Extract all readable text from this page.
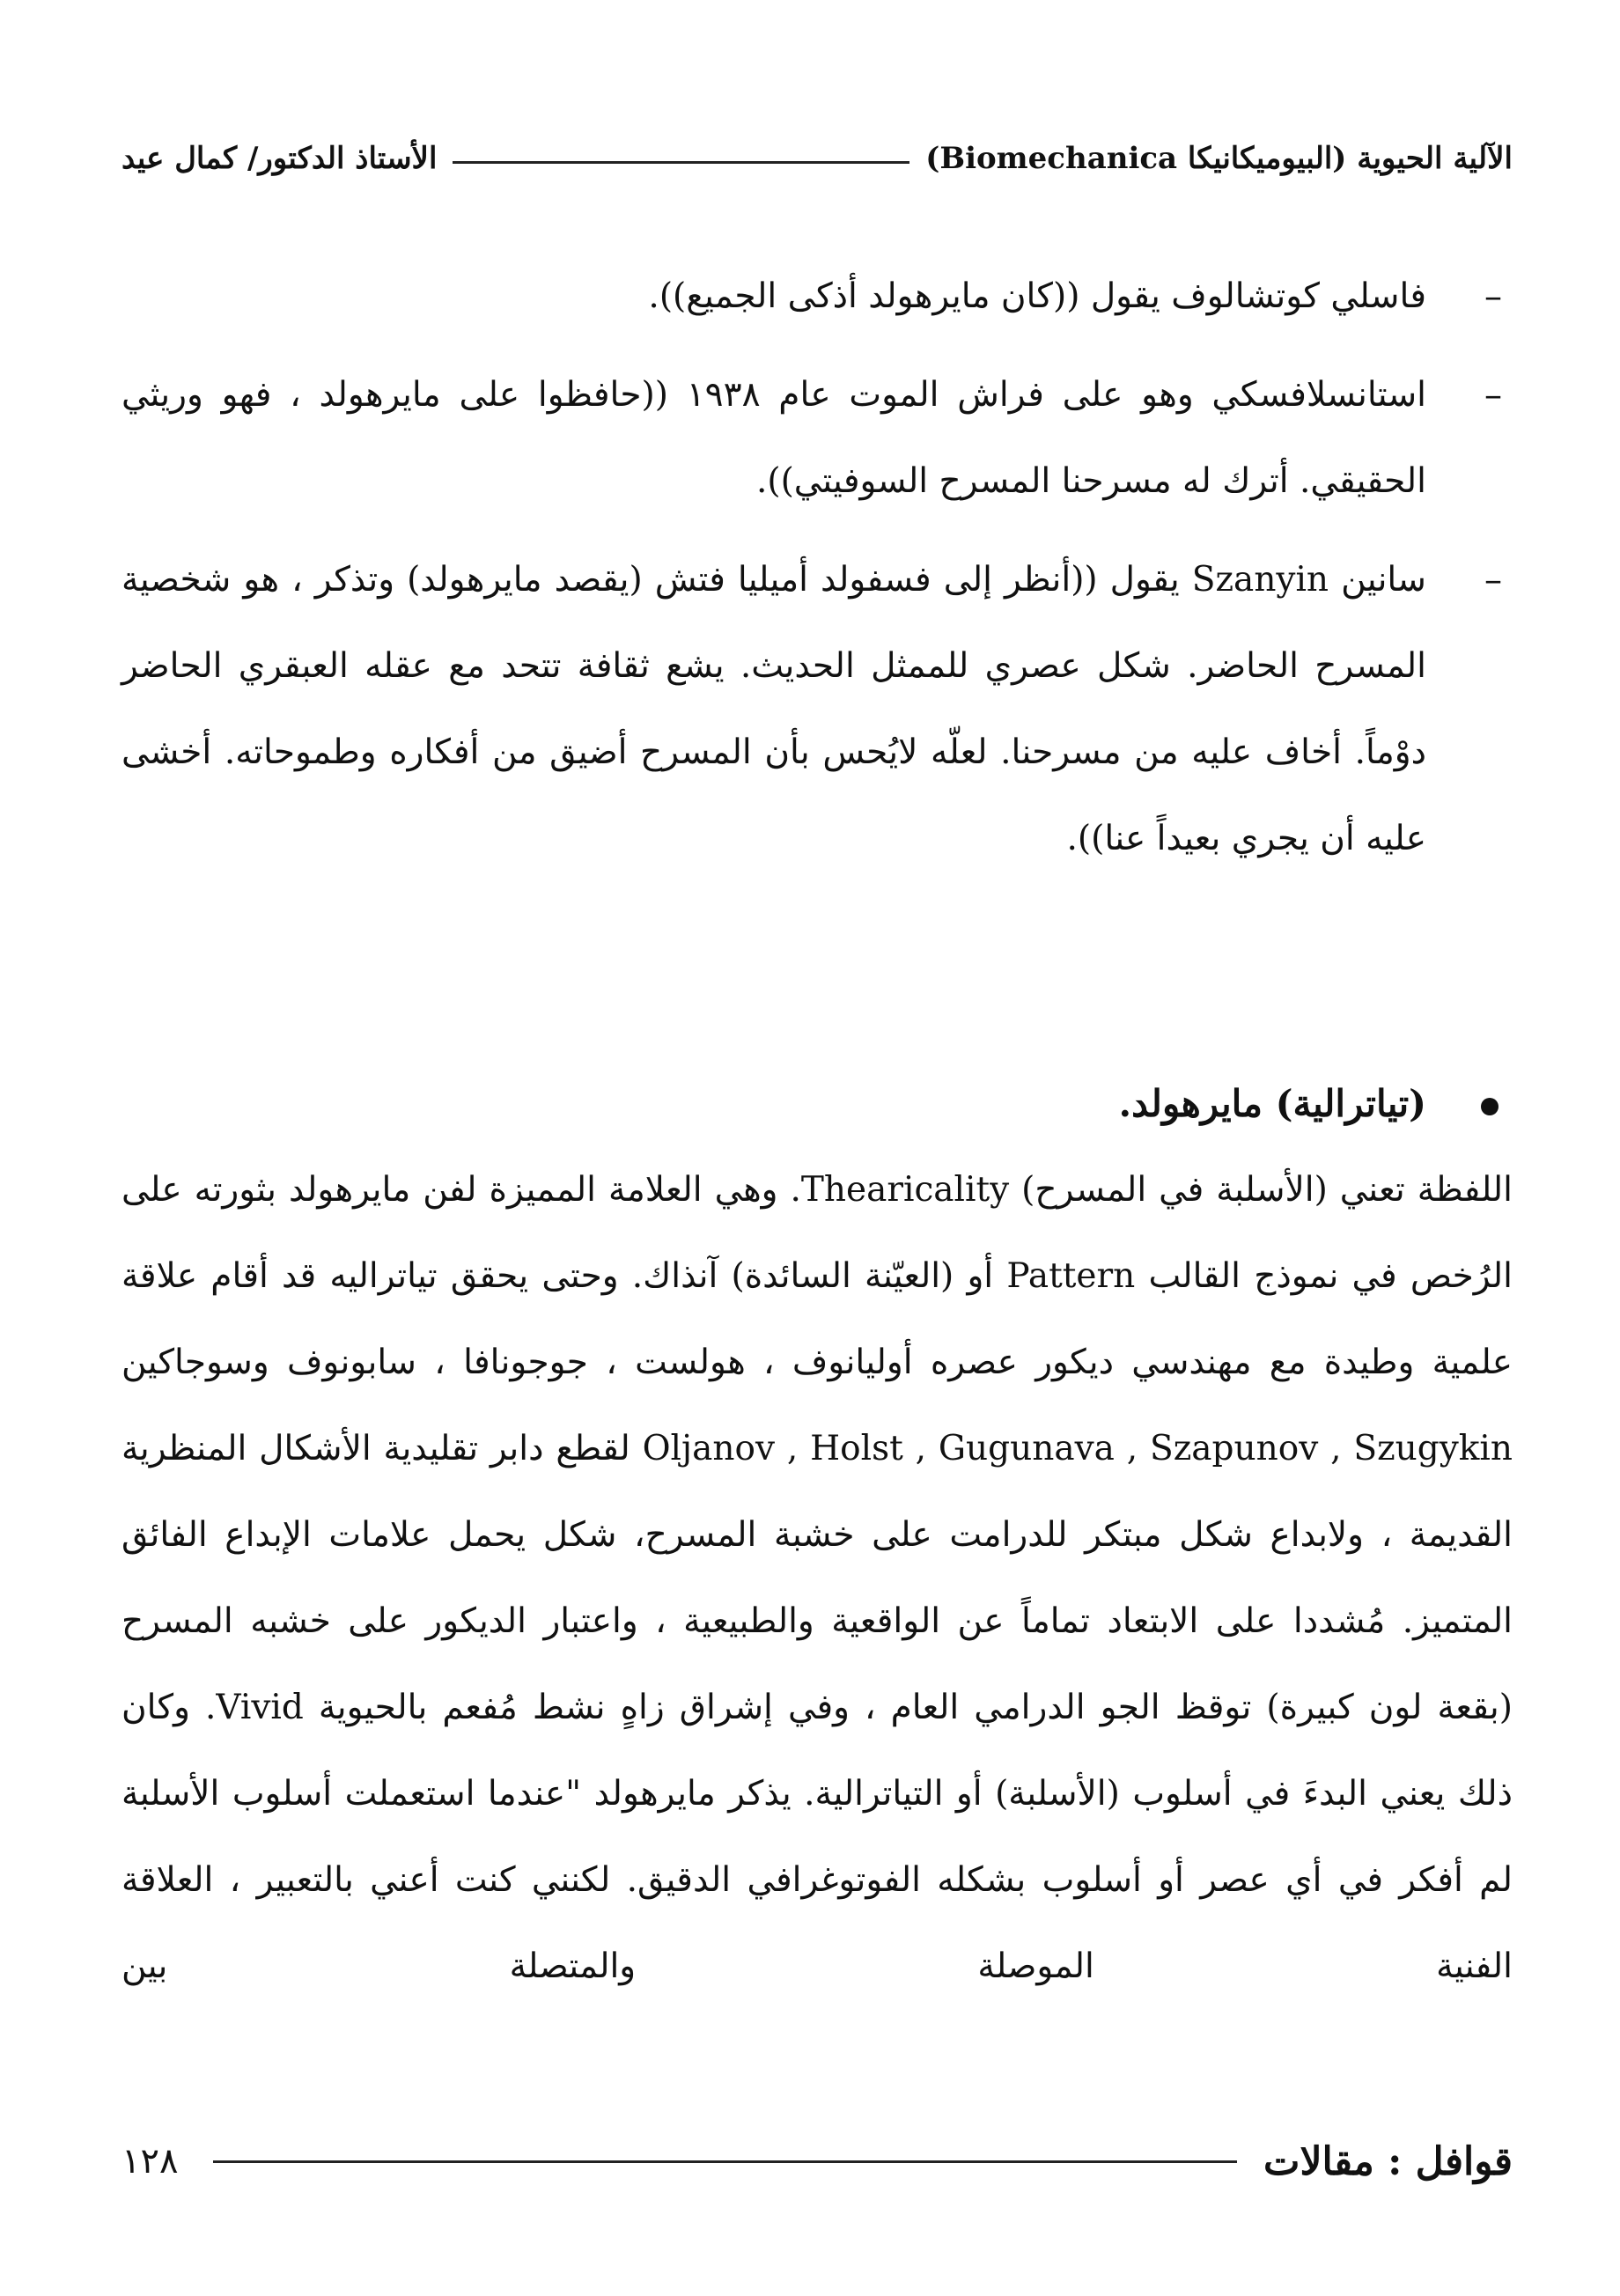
الآلية الحيوية (البيوميكانيكا Biomechanica)
الأستاذ الدكتور/ كمال عيد

–
فاسلي كوتشالوف يقول ((كان مايرهولد أذكى الجميع)).

–
استانسلافسكي وهو على فراش الموت عام ١٩٣٨ ((حافظوا على مايرهولد ، فهو وريثي الحقيقي. أترك له مسرحنا المسرح السوفيتي)).

–
سانين Szanyin يقول ((أنظر إلى فسفولد أميليا فتش (يقصد مايرهولد) وتذكر ، هو شخصية المسرح الحاضر. شكل عصري للممثل الحديث. يشع ثقافة تتحد مع عقله العبقري الحاضر دوْماً. أخاف عليه من مسرحنا. لعلّه لايُحس بأن المسرح أضيق من أفكاره وطموحاته. أخشى عليه أن يجري بعيداً عنا)).

(تياترالية) مايرهولد.

اللفظة تعني (الأسلبة في المسرح) Thearicality. وهي العلامة المميزة لفن مايرهولد بثورته على الرُخص في نموذج القالب Pattern أو (العيّنة السائدة) آنذاك. وحتى يحقق تياتراليه قد أقام علاقة علمية وطيدة مع مهندسي ديكور عصره أوليانوف ، هولست ، جوجونافا ، سابونوف وسوجاكين Oljanov , Holst , Gugunava , Szapunov , Szugykin لقطع دابر تقليدية الأشكال المنظرية القديمة ، ولابداع شكل مبتكر للدرامت على خشبة المسرح، شكل يحمل علامات الإبداع الفائق المتميز. مُشددا على الابتعاد تماماً عن الواقعية والطبيعية ، واعتبار الديكور على خشبه المسرح (بقعة لون كبيرة) توقظ الجو الدرامي العام ، وفي إشراق زاهٍ نشط مُفعم بالحيوية Vivid. وكان ذلك يعني البدءَ في أسلوب (الأسلبة) أو التياترالية. يذكر مايرهولد "عندما استعملت أسلوب الأسلبة لم أفكر في أي عصر أو أسلوب بشكله الفوتوغرافي الدقيق. لكنني كنت أعني بالتعبير ، العلاقة الفنية الموصلة والمتصلة بين

قوافل : مقالات
١٢٨
